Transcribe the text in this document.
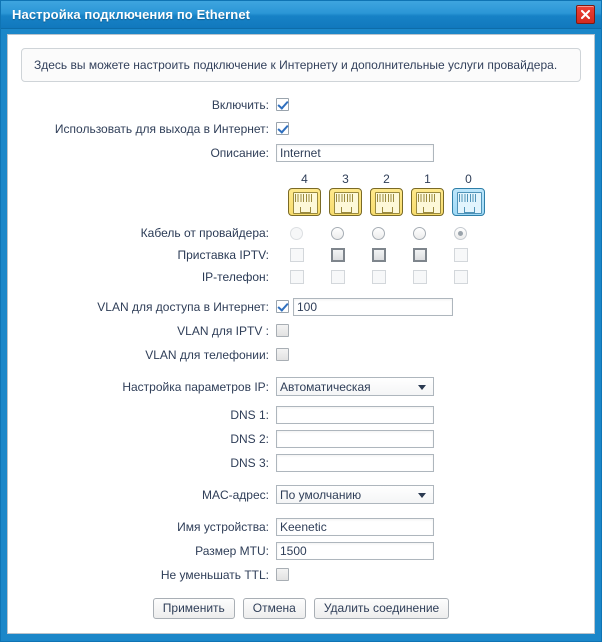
Настройка подключения по Ethernet
Здесь вы можете настроить подключение к Интернету и дополнительные услуги провайдера.
Включить:
Использовать для выхода в Интернет:
Описание:
Internet
4	3	2	1	0
Кабель от провайдера:
Приставка IPTV:
IP-телефон:
VLAN для доступа в Интернет:
100
VLAN для IPTV :
VLAN для телефонии:
Настройка параметров IP: Автоматическая
DNS 1:
DNS 2:
DNS 3:
MAC-адрес: По умолчанию
Имя устройства:
Keenetic
Размер MTU:
1500
Не уменьшать TTL:
Применить	Отмена	Удалить соединение
